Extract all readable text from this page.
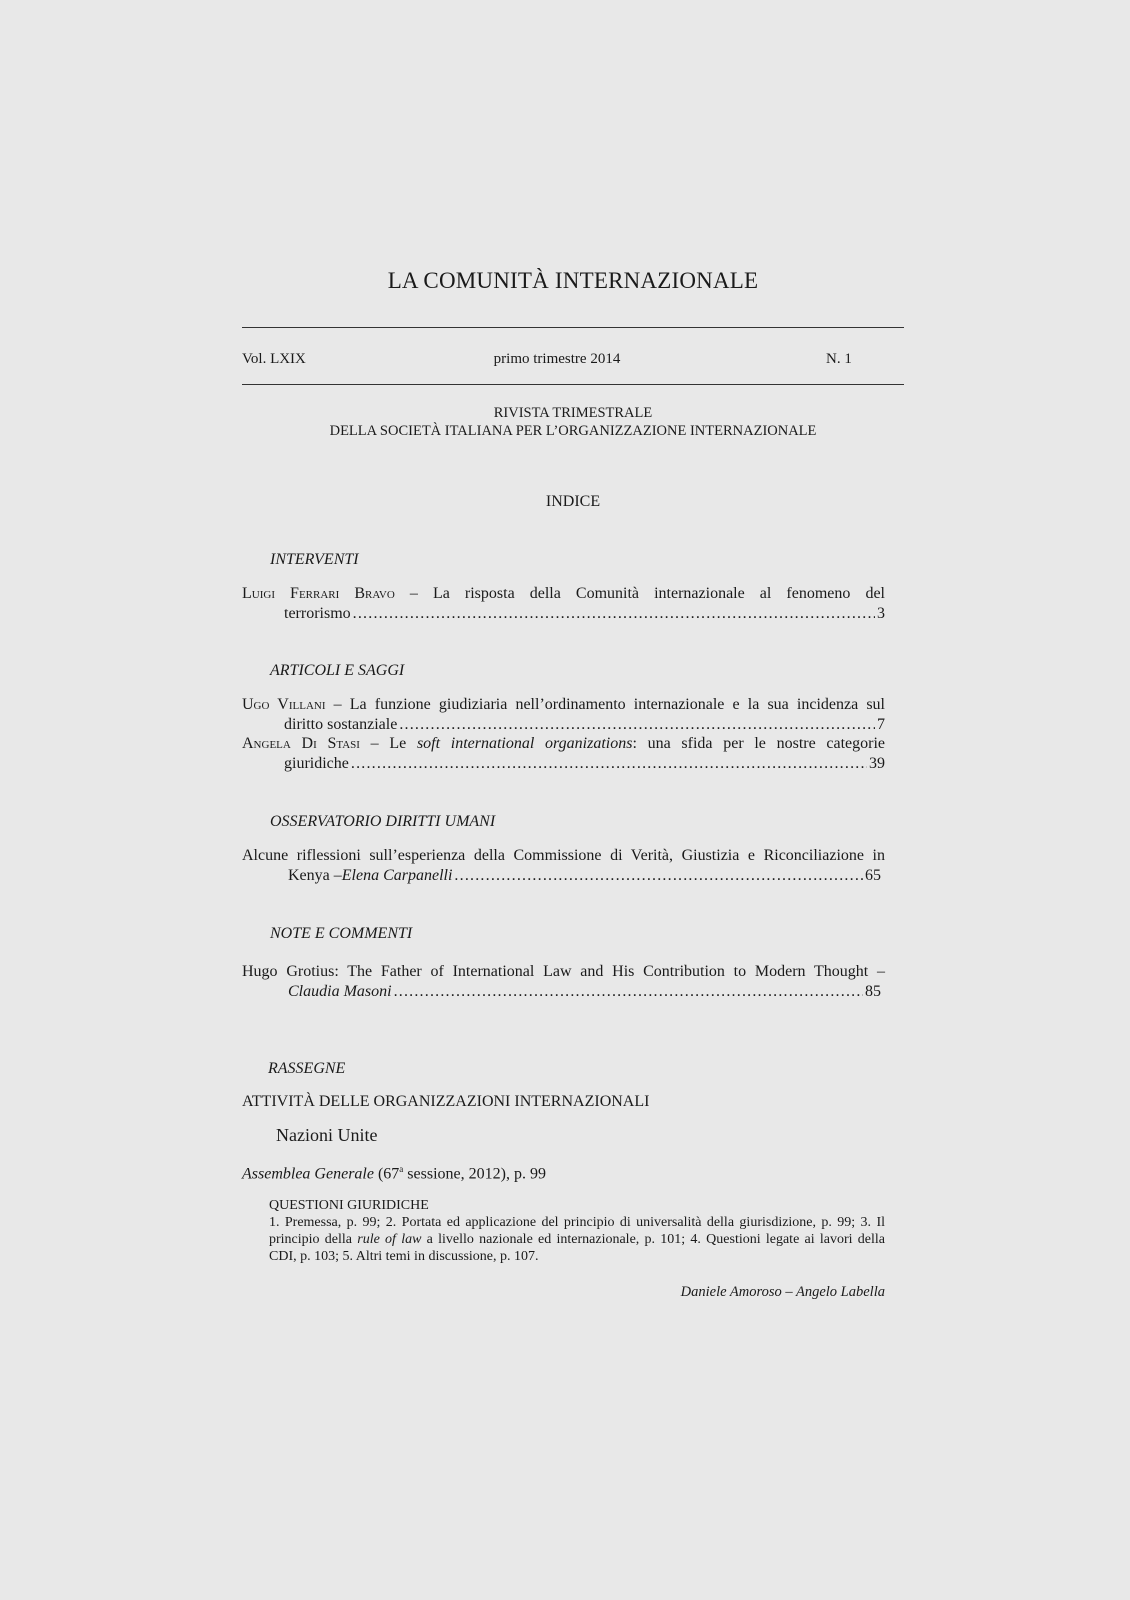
LA COMUNITÀ INTERNAZIONALE
Vol. LXIX	primo trimestre 2014	N. 1
RIVISTA TRIMESTRALE
DELLA SOCIETÀ ITALIANA PER L’ORGANIZZAZIONE INTERNAZIONALE
INDICE
INTERVENTI
Luigi Ferrari Bravo – La risposta della Comunità internazionale al fenomeno del
terrorismo .....	3
ARTICOLI E SAGGI
Ugo Villani – La funzione giudiziaria nell’ordinamento internazionale e la sua incidenza sul
diritto sostanziale .....	7
Angela Di Stasi – Le soft international organizations: una sfida per le nostre categorie
giuridiche .....	39
OSSERVATORIO DIRITTI UMANI
Alcune riflessioni sull’esperienza della Commissione di Verità, Giustizia e Riconciliazione in
Kenya – Elena Carpanelli .....	65
NOTE E COMMENTI
Hugo Grotius: The Father of International Law and His Contribution to Modern Thought –
Claudia Masoni .....	85
RASSEGNE
ATTIVITÀ DELLE ORGANIZZAZIONI INTERNAZIONALI
Nazioni Unite
Assemblea Generale (67$^a$ sessione, 2012), p. 99
QUESTIONI GIURIDICHE
1. Premessa, p. 99; 2. Portata ed applicazione del principio di universalità della giurisdizione, p. 99; 3. Il principio della rule of law a livello nazionale ed internazionale, p. 101; 4. Questioni legate ai lavori della CDI, p. 103; 5. Altri temi in discussione, p. 107.
Daniele Amoroso – Angelo Labella
